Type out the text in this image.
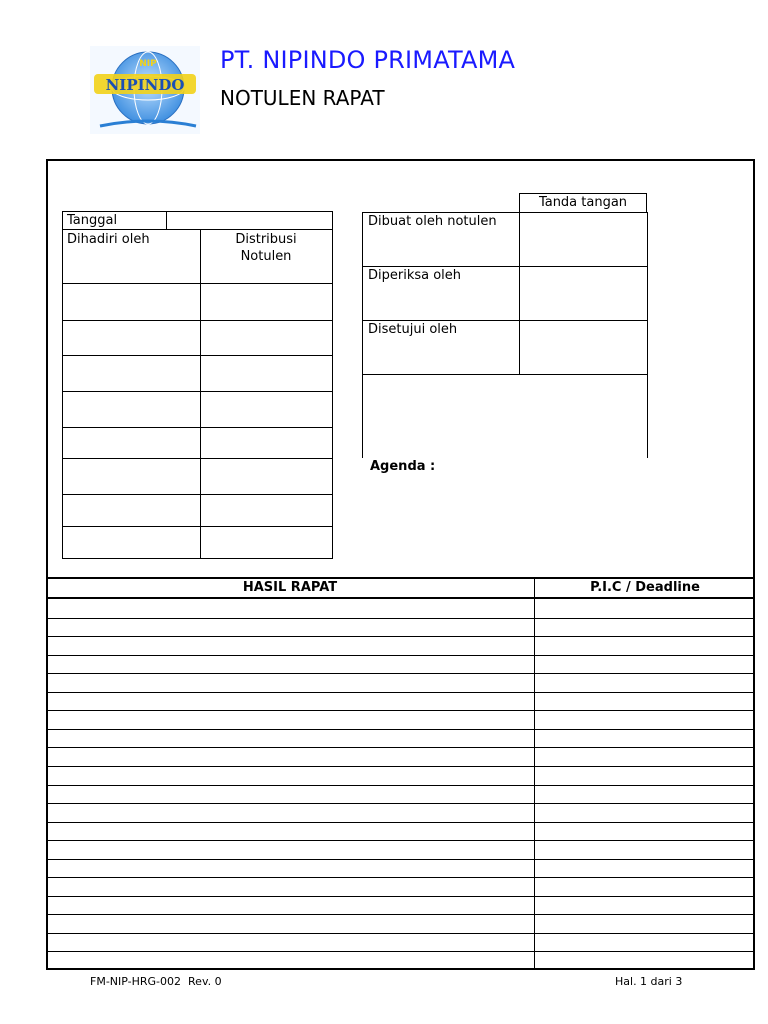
NIPINDO
NIP	PT. NIPINDO PRIMATAMA
NOTULEN RAPAT
Tanggal
Dihadiri oleh	Distribusi
Notulen
Tanda tangan
Dibuat oleh notulen
Diperiksa oleh
Disetujui oleh
Agenda :
HASIL RAPAT	P.I.C / Deadline
FM-NIP-HRG-002 Rev. 0	Hal. 1 dari 3
